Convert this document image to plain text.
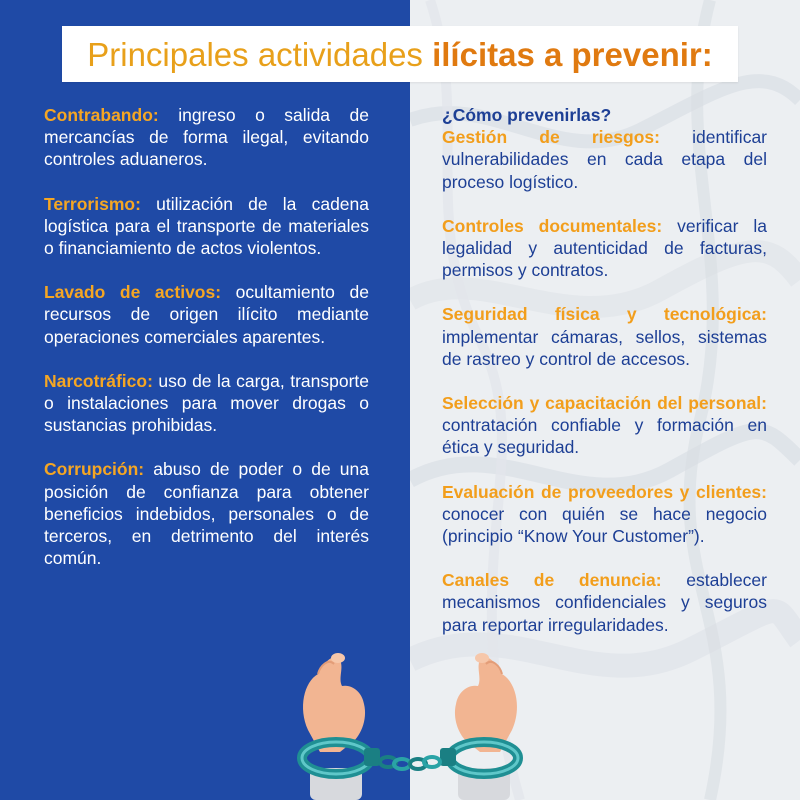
Principales actividades ilícitas a prevenir:

Contrabando: ingreso o salida de mercancías de forma ilegal, evitando controles aduaneros.

Terrorismo: utilización de la cadena logística para el transporte de materiales o financiamiento de actos violentos.

Lavado de activos: ocultamiento de recursos de origen ilícito mediante operaciones comerciales aparentes.

Narcotráfico: uso de la carga, transporte o instalaciones para mover drogas o sustancias prohibidas.

Corrupción: abuso de poder o de una posición de confianza para obtener beneficios indebidos, personales o de terceros, en detrimento del interés común.

¿Cómo prevenirlas?

Gestión de riesgos: identificar vulnerabilidades en cada etapa del proceso logístico.

Controles documentales: verificar la legalidad y autenticidad de facturas, permisos y contratos.

Seguridad física y tecnológica: implementar cámaras, sellos, sistemas de rastreo y control de accesos.

Selección y capacitación del personal: contratación confiable y formación en ética y seguridad.

Evaluación de proveedores y clientes: conocer con quién se hace negocio (principio “Know Your Customer”).

Canales de denuncia: establecer mecanismos confidenciales y seguros para reportar irregularidades.
